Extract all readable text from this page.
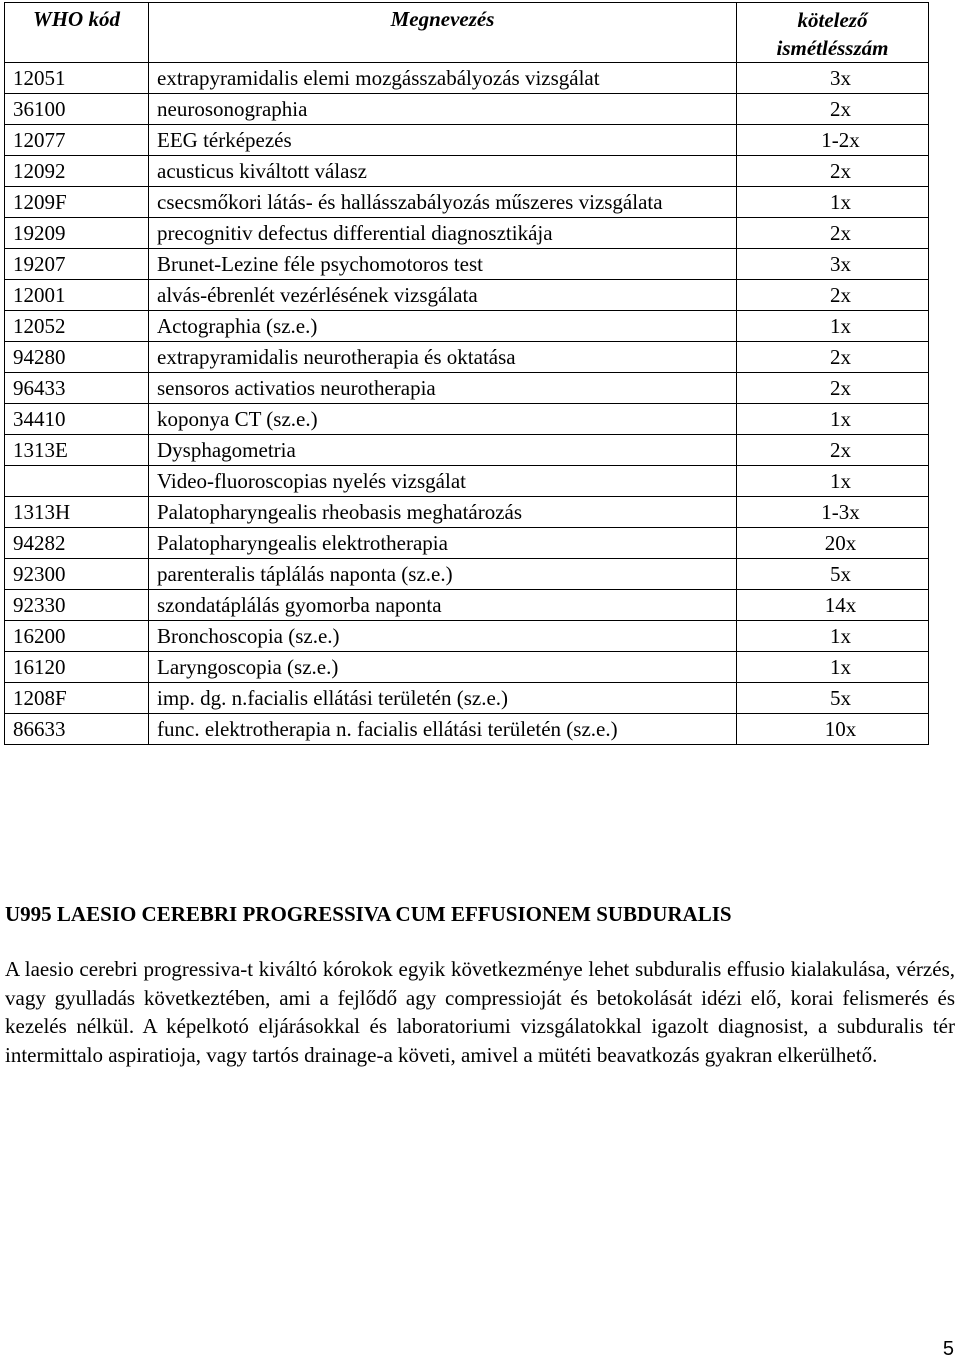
WHO kód	Megnevezés	kötelező ismétlésszám
12051	extrapyramidalis elemi mozgásszabályozás vizsgálat	3x
36100	neurosonographia	2x
12077	EEG térképezés	1-2x
12092	acusticus kiváltott válasz	2x
1209F	csecsmőkori látás- és hallásszabályozás műszeres vizsgálata	1x
19209	precognitiv defectus differential diagnosztikája	2x
19207	Brunet-Lezine féle psychomotoros test	3x
12001	alvás-ébrenlét vezérlésének vizsgálata	2x
12052	Actographia (sz.e.)	1x
94280	extrapyramidalis neurotherapia és oktatása	2x
96433	sensoros activatios neurotherapia	2x
34410	koponya CT (sz.e.)	1x
1313E	Dysphagometria	2x
	Video-fluoroscopias nyelés vizsgálat	1x
1313H	Palatopharyngealis rheobasis meghatározás	1-3x
94282	Palatopharyngealis elektrotherapia	20x
92300	parenteralis táplálás naponta (sz.e.)	5x
92330	szondatáplálás gyomorba naponta	14x
16200	Bronchoscopia (sz.e.)	1x
16120	Laryngoscopia (sz.e.)	1x
1208F	imp. dg. n.facialis ellátási területén (sz.e.)	5x
86633	func. elektrotherapia n. facialis ellátási területén (sz.e.)	10x
U995 LAESIO CEREBRI PROGRESSIVA CUM EFFUSIONEM SUBDURALIS

A laesio cerebri progressiva-t kiváltó kórokok egyik következménye lehet subduralis effusio kialakulása, vérzés, vagy gyulladás következtében, ami a fejlődő agy compressioját és betokolását idézi elő, korai felismerés és kezelés nélkül. A képelkotó eljárásokkal és laboratoriumi vizsgálatokkal igazolt diagnosist, a subduralis tér intermittalo aspiratioja, vagy tartós drainage-a követi, amivel a mütéti beavatkozás gyakran elkerülhető.

5
